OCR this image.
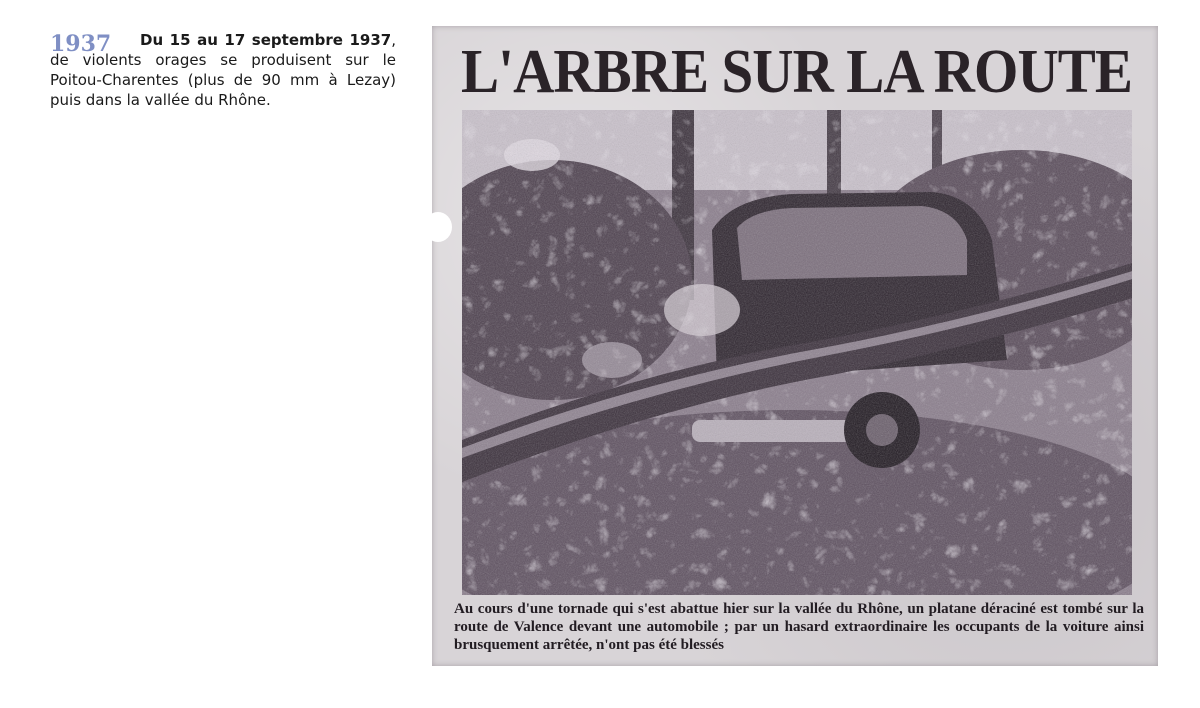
1937	Du 15 au 17 septembre 1937, de violents orages se produisent sur le Poitou-Charentes (plus de 90 mm à Lezay) puis dans la vallée du Rhône.	L'ARBRE SUR LA ROUTE

Au cours d'une tornade qui s'est abattue hier sur la vallée du Rhône, un platane déraciné est tombé sur la route de Valence devant une automobile ; par un hasard extraordinaire les occupants de la voiture ainsi brusquement arrêtée, n'ont pas été blessés
